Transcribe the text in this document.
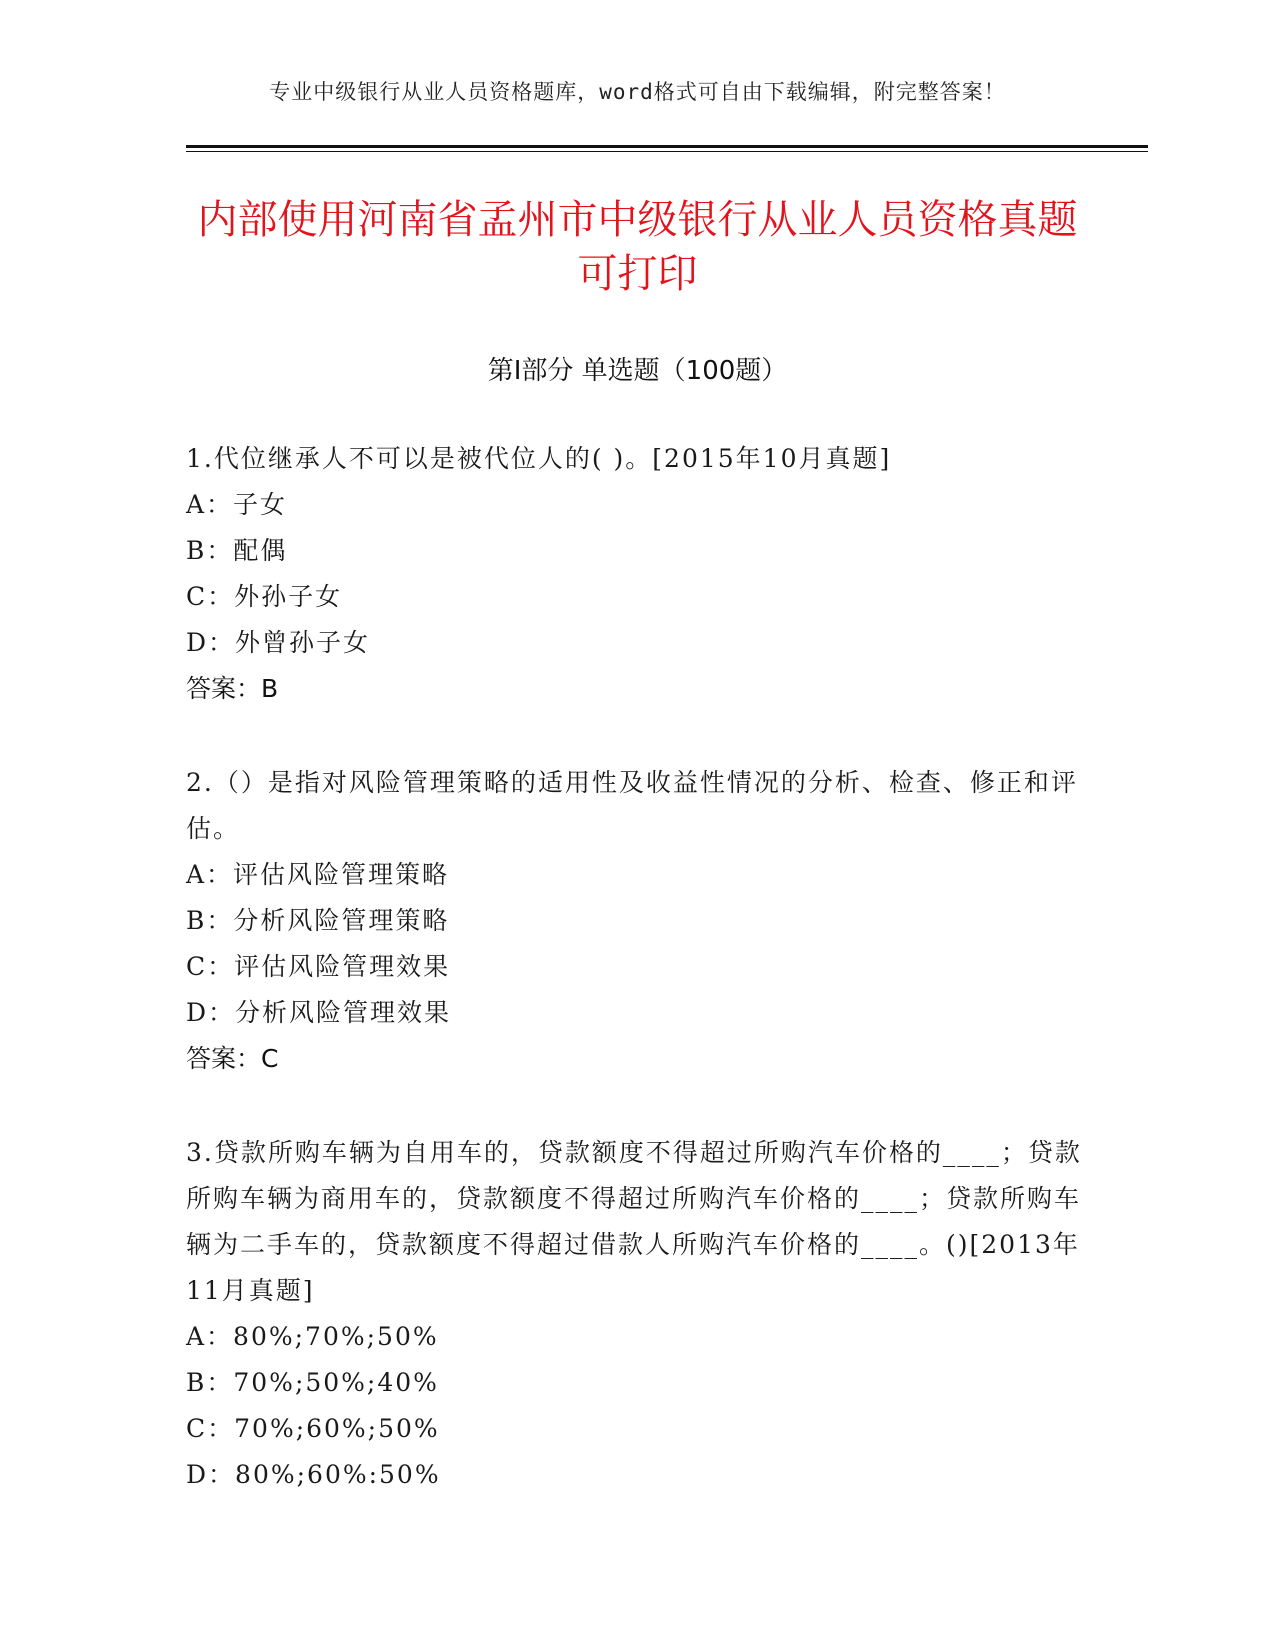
专业中级银行从业人员资格题库，word格式可自由下载编辑，附完整答案！
内部使用河南省孟州市中级银行从业人员资格真题可打印
第Ⅰ部分 单选题（100题）

1.代位继承人不可以是被代位人的( )。[2015年10月真题]

A：子女

B：配偶

C：外孙子女

D：外曾孙子女

答案：B

2.（）是指对风险管理策略的适用性及收益性情况的分析、检查、修正和评估。

A：评估风险管理策略

B：分析风险管理策略

C：评估风险管理效果

D：分析风险管理效果

答案：C

3.贷款所购车辆为自用车的，贷款额度不得超过所购汽车价格的____；贷款所购车辆为商用车的，贷款额度不得超过所购汽车价格的____；贷款所购车辆为二手车的，贷款额度不得超过借款人所购汽车价格的____。()[2013年11月真题]

A：80%;70%;50%

B：70%;50%;40%

C：70%;60%;50%

D：80%;60%:50%
